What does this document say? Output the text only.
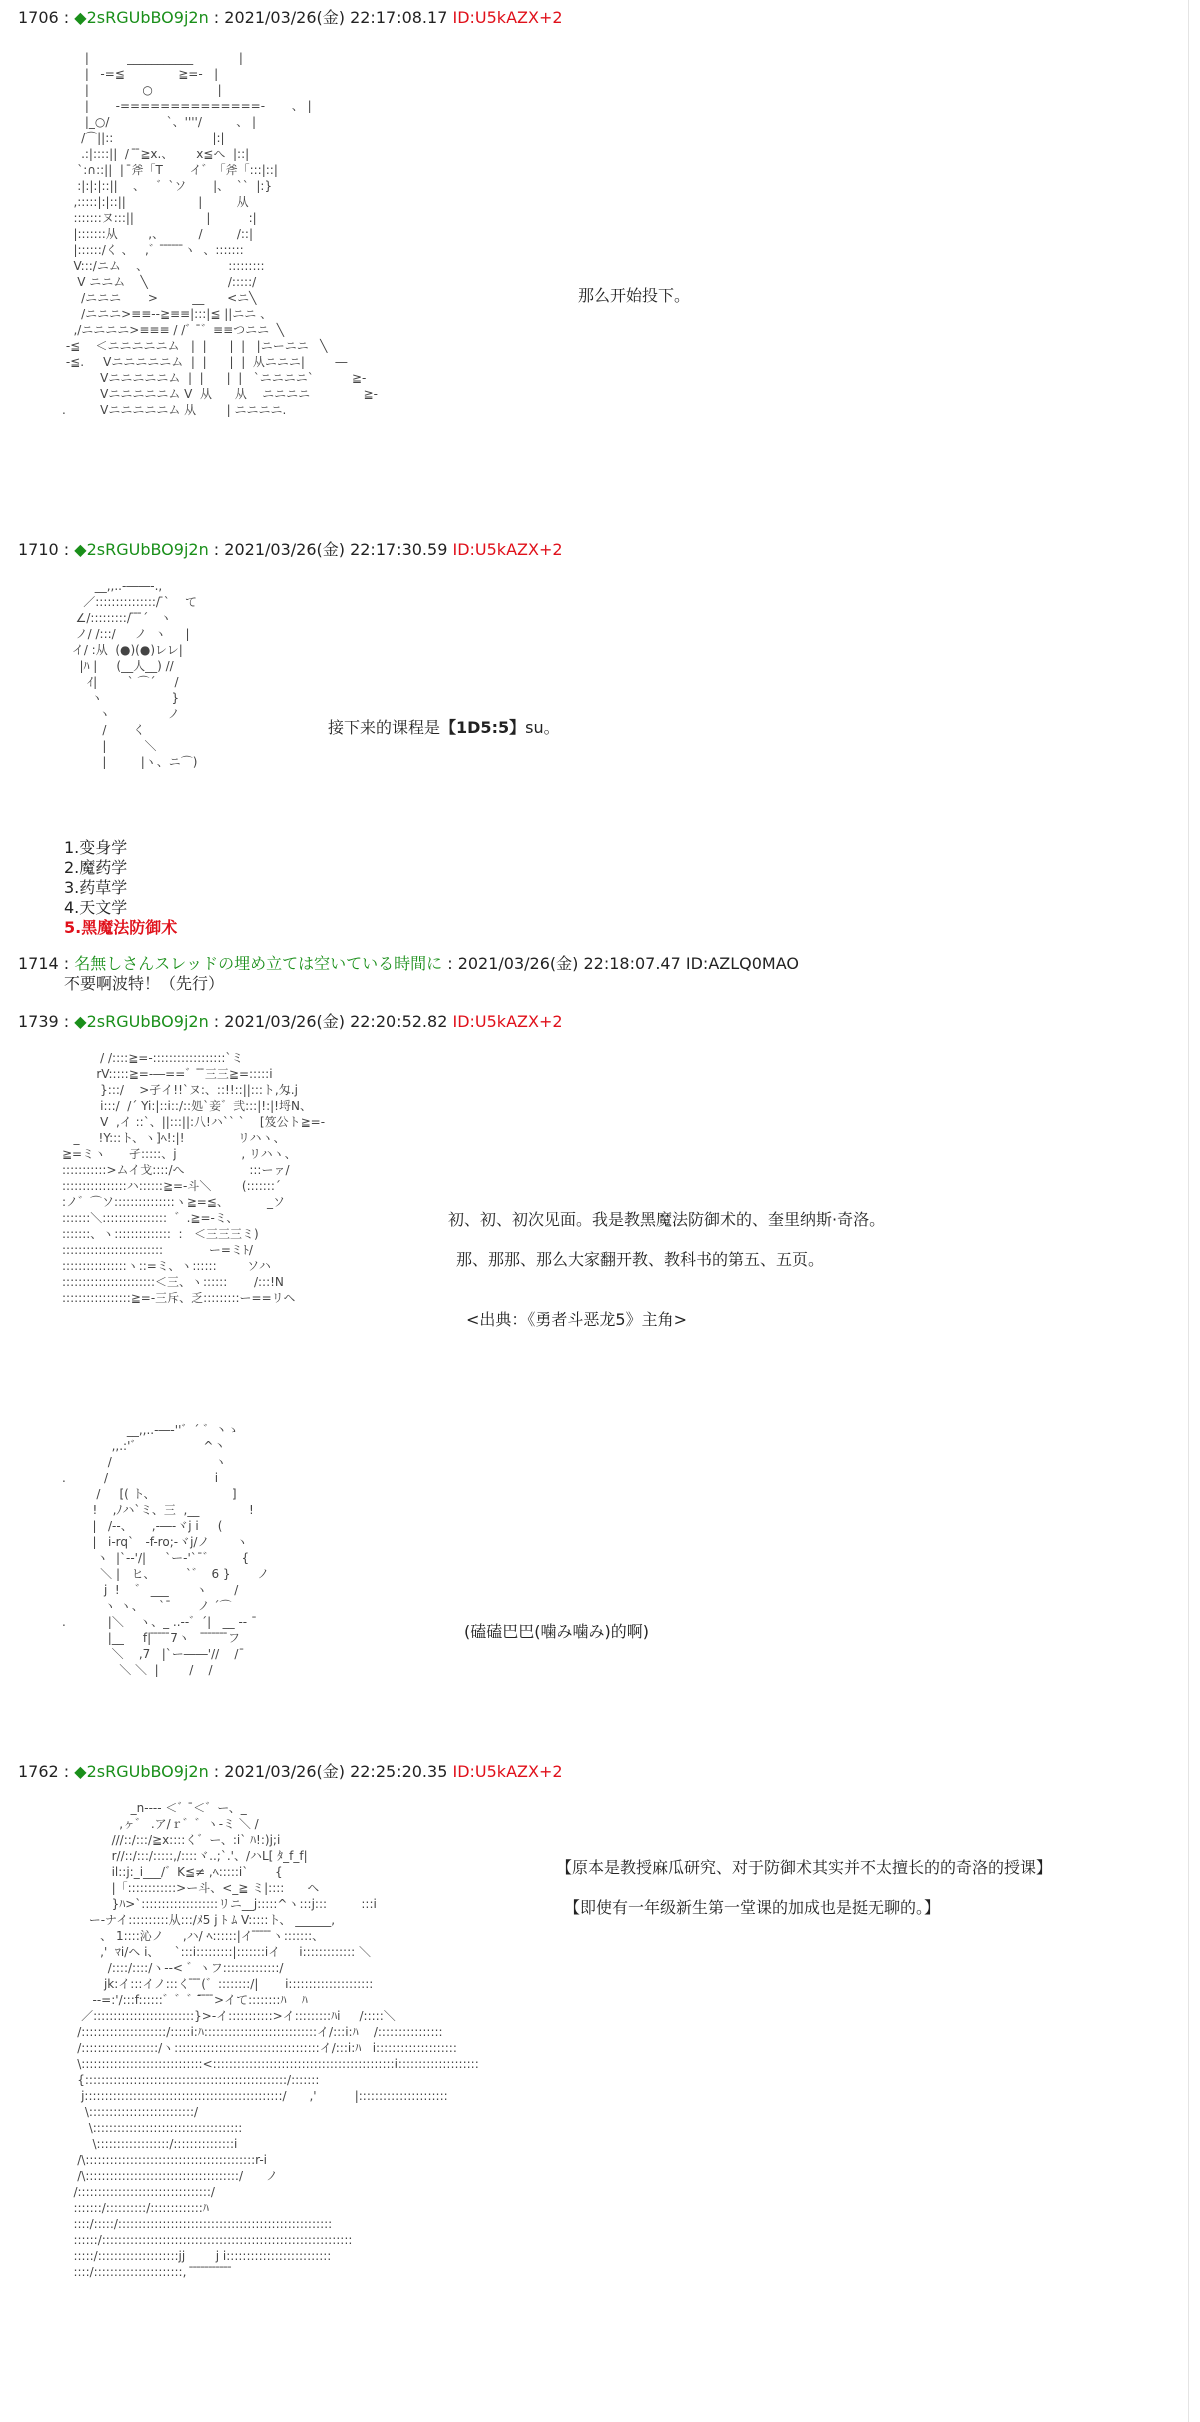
1706 : ◆2sRGUbBO9j2n : 2021/03/26(金) 22:17:08.17 ID:U5kAZX+2
|          ___________            |
|   -=≦              ≧=-   |
|              ○                 |
|       -==============-       、 |
|_○/               `、''''/         、 |
/⌒||::                          |:|
.:|::::||  /  ̄ ̄≧x.、      x≦へ  |::|
`:∩::||  |  ̄斧「T       イ゛「斧「:::|::|
:|:|:|::||    、   ゛`ソ       |、  ``  |:}
,:::::|:|::||                   |         从
:::::::ヌ:::||                   |          :|
|:::::::从        ,、         /         /::|
|::::::/く 、   ,゛ ̄ ̄ ̄ ̄ ̄ ̄ヽ  、:::::::
V:::/ニム    、                     :::::::::
V ニニム    ╲                     /:::::/
/ニニニ       >         __      <ニ╲
/ニニニ>≡≡--≧≡≡|:::|≦ ||ニニ 、
,/ニニニニ>≡≡≡ / /゛ ̄゛≡≡つニニ  ╲
-≦    ＜ニニニニニム   |  |      |  |   |ニーニニ   ╲
-≦.     Vニニニニニム  |  |      |  |  从ニニニ|        ―
Vニニニニニム  |  |      |  |   `ニニニニ`          ≧-
Vニニニニニム V  从      从    ニニニニ              ≧-
.         Vニニニニニム 从        | ニニニニ.
那么开始投下。
1710 : ◆2sRGUbBO9j2n : 2021/03/26(金) 22:17:30.59 ID:U5kAZX+2
__,,..-――-.,
／:::::::::::::::/ ̄`    て
∠/:::::::::/ ̄ ̄ ̄´   ヽ
ノ/ /:::/     ノ  ヽ     |
イ/ :从  (●)(●)レレ|
|ﾊ |     (__人__) //
ｲ|        ` ⌒´     /
ヽ                  }
ヽ               ノ
/       く
|          ＼
|         |ヽ、ニ⌒)
接下来的课程是【1D5:5】su。
1.变身学
2.魔药学
3.药草学
4.天文学
5.黑魔法防御术
1714 : 名無しさんスレッドの埋め立ては空いている時間に : 2021/03/26(金) 22:18:07.47 ID:AZLQ0MAO
不要啊波特！（先行）
1739 : ◆2sRGUbBO9j2n : 2021/03/26(金) 22:20:52.82 ID:U5kAZX+2
/ /::::≧=-::::::::::::::::::`ミ
rV:::::≧=-―==゛ ̄ ̄三三≧=:::::i
}:::/    >孑イ!!`ヌ:、::!!::||:::ト,匁.j
i:::/  /´ Yi:|::i::/::処`妾゛弐:::|!:|!埒N、
V  ,イ ::`、||:::||:八!ハ`` `    [笈公ト≧=-
_     !Y:::ト、ヽ]ﾍ!:|!              リハヽ、
≧=ミヽ      孑:::::、j                 , リハヽ、
:::::::::::>ムイ戈::::/へ                 :::ーァ/
::::::::::::::::ハ::::::≧=-斗＼        (:::::::´
:ノ゛⌒ソ:::::::::::::::ヽ≧=≦、          _ソ
:::::::＼::::::::::::::::  ゛.≧=-ミ、
:::::::、ヽ::::::::::::::  :   ＜三三三ミ)
:::::::::::::::::::::::::            ー=ミﾄ/
::::::::::::::::ヽ::=ミ、ヽ::::::        ソハ
:::::::::::::::::::::::＜三、ヽ::::::       /:::!N
:::::::::::::::::≧=-三斥、乏:::::::::ー==リヘ
初、初、初次见面。我是教黑魔法防御术的、奎里纳斯·奇洛。
那、那那、那么大家翻开教、教科书的第五、五页。
<出典：《勇者斗恶龙5》主角>
__,,..-―‐''゛´ ゛丶ゝ
,,.:'゛                ^丶
/                           ヽ
.          /                            i
/     [( ト、                    ]
!    ,ﾉハ`ミ、三  ,__             !
|   /--、     ,-―‐ヾj i     (
|   i-rq`   -f-ro;-ヾj/ノ       ヽ
ヽ  |`--'/|     `ー-'`¯゛       {
＼ |   ヒ、        `゛  6 }       ノ
j  !    ゛ ___       ヽ       /
ヽ ヽ、    `¯       ノ ´⌒
.           |＼    ヽ、_ ..-‐゛´|   __ -‐ ¯
|__     f| ̄ ̄ ̄ ̄ ̄7ヽ    ̄ ̄ ̄ ̄ ̄ ̄ ̄フ
＼    ,7   |`ー――'//    /¯
＼ ＼  |        /    /
(磕磕巴巴(噛み噛み)的啊)
1762 : ◆2sRGUbBO9j2n : 2021/03/26(金) 22:25:20.35 ID:U5kAZX+2
_n-‐‐‐ ＜゛ ̄＜゛ー、_
,ヶ゛ .ア/ｒ゛゛ヽ-ミ ＼ /
///::/:::/≧x::::く゛ー、:i` ﾊ!:)j;i
r//::/:::/:::::,/::::ヾ..;`.'、/ハL[ ﾀ_f_f|
il::j:_i___/゛K≦≠ ,ﾍ:::::i`       {
|「::::::::::::>ー斗、<_≧ ミ|::::      ヘ
}ﾊ>`:::::::::::::::::::リニ__j:::::^ヽ:::j:::         :::i
ー-ナイ::::::::::从:::/ﾒ5 j ﾄ ﾑ V:::::ト、 ______,
、 1::::沁ノ     ,ハ/ ﾍ::::::|イ ̄ ̄ ̄ ̄ ̄ヽ:::::::、
,'  ﾏi/ヘ i、    `:::i:::::::::|:::::::iイ     i::::::::::::: ＼
/::::/::::/ヽ--< ゛ヽフ::::::::::::::/
jk:イ:::イノ:::く ̄ ̄ ̄(゛::::::::/|       i:::::::::::::::::::::
--=:'/:::f::::::゛゛゛̄ ̄ ̄ ̄ ̄>イて::::::::ﾊ    ﾊ
／:::::::::::::::::::::::::}>-イ:::::::::::>イ:::::::::ﾊi     /:::::＼
/:::::::::::::::::::::/:::::i:ﾊ::::::::::::::::::::::::::::イ/:::i:ﾊ    /::::::::::::::::
/:::::::::::::::::::/ヽ::::::::::::::::::::::::::::::::::::イ/:::i:ﾊ   i::::::::::::::::::::
\::::::::::::::::::::::::::::::<:::::::::::::::::::::::::::::::::::::::::::::i::::::::::::::::::::
{::::::::::::::::::::::::::::::::::::::::::::::::::/:::::::
j:::::::::::::::::::::::::::::::::::::::::::::::::/      ,'          |::::::::::::::::::::::
\::::::::::::::::::::::::::/
\:::::::::::::::::::::::::::::::::::::
\::::::::::::::::::/:::::::::::::::i
/\::::::::::::::::::::::::::::::::::::::::::r-i
/\::::::::::::::::::::::::::::::::::::::/      ノ
/:::::::::::::::::::::::::::::::::/
:::::::/::::::::::/:::::::::::::ﾊ
::::/:::::/:::::::::::::::::::::::::::::::::::::::::::::::::::::
::::::/::::::::::::::::::::::::::::::::::::::::::::::::::::::::::::::
:::::/::::::::::::::::::::jj        j i::::::::::::::::::::::::::
::::/::::::::::::::::::::::,  ̄ ̄ ̄ ̄ ̄ ̄ ̄ ̄ ̄ ̄ ̄
【原本是教授麻瓜研究、对于防御术其实并不太擅长的的奇洛的授课】
【即使有一年级新生第一堂课的加成也是挺无聊的。】
